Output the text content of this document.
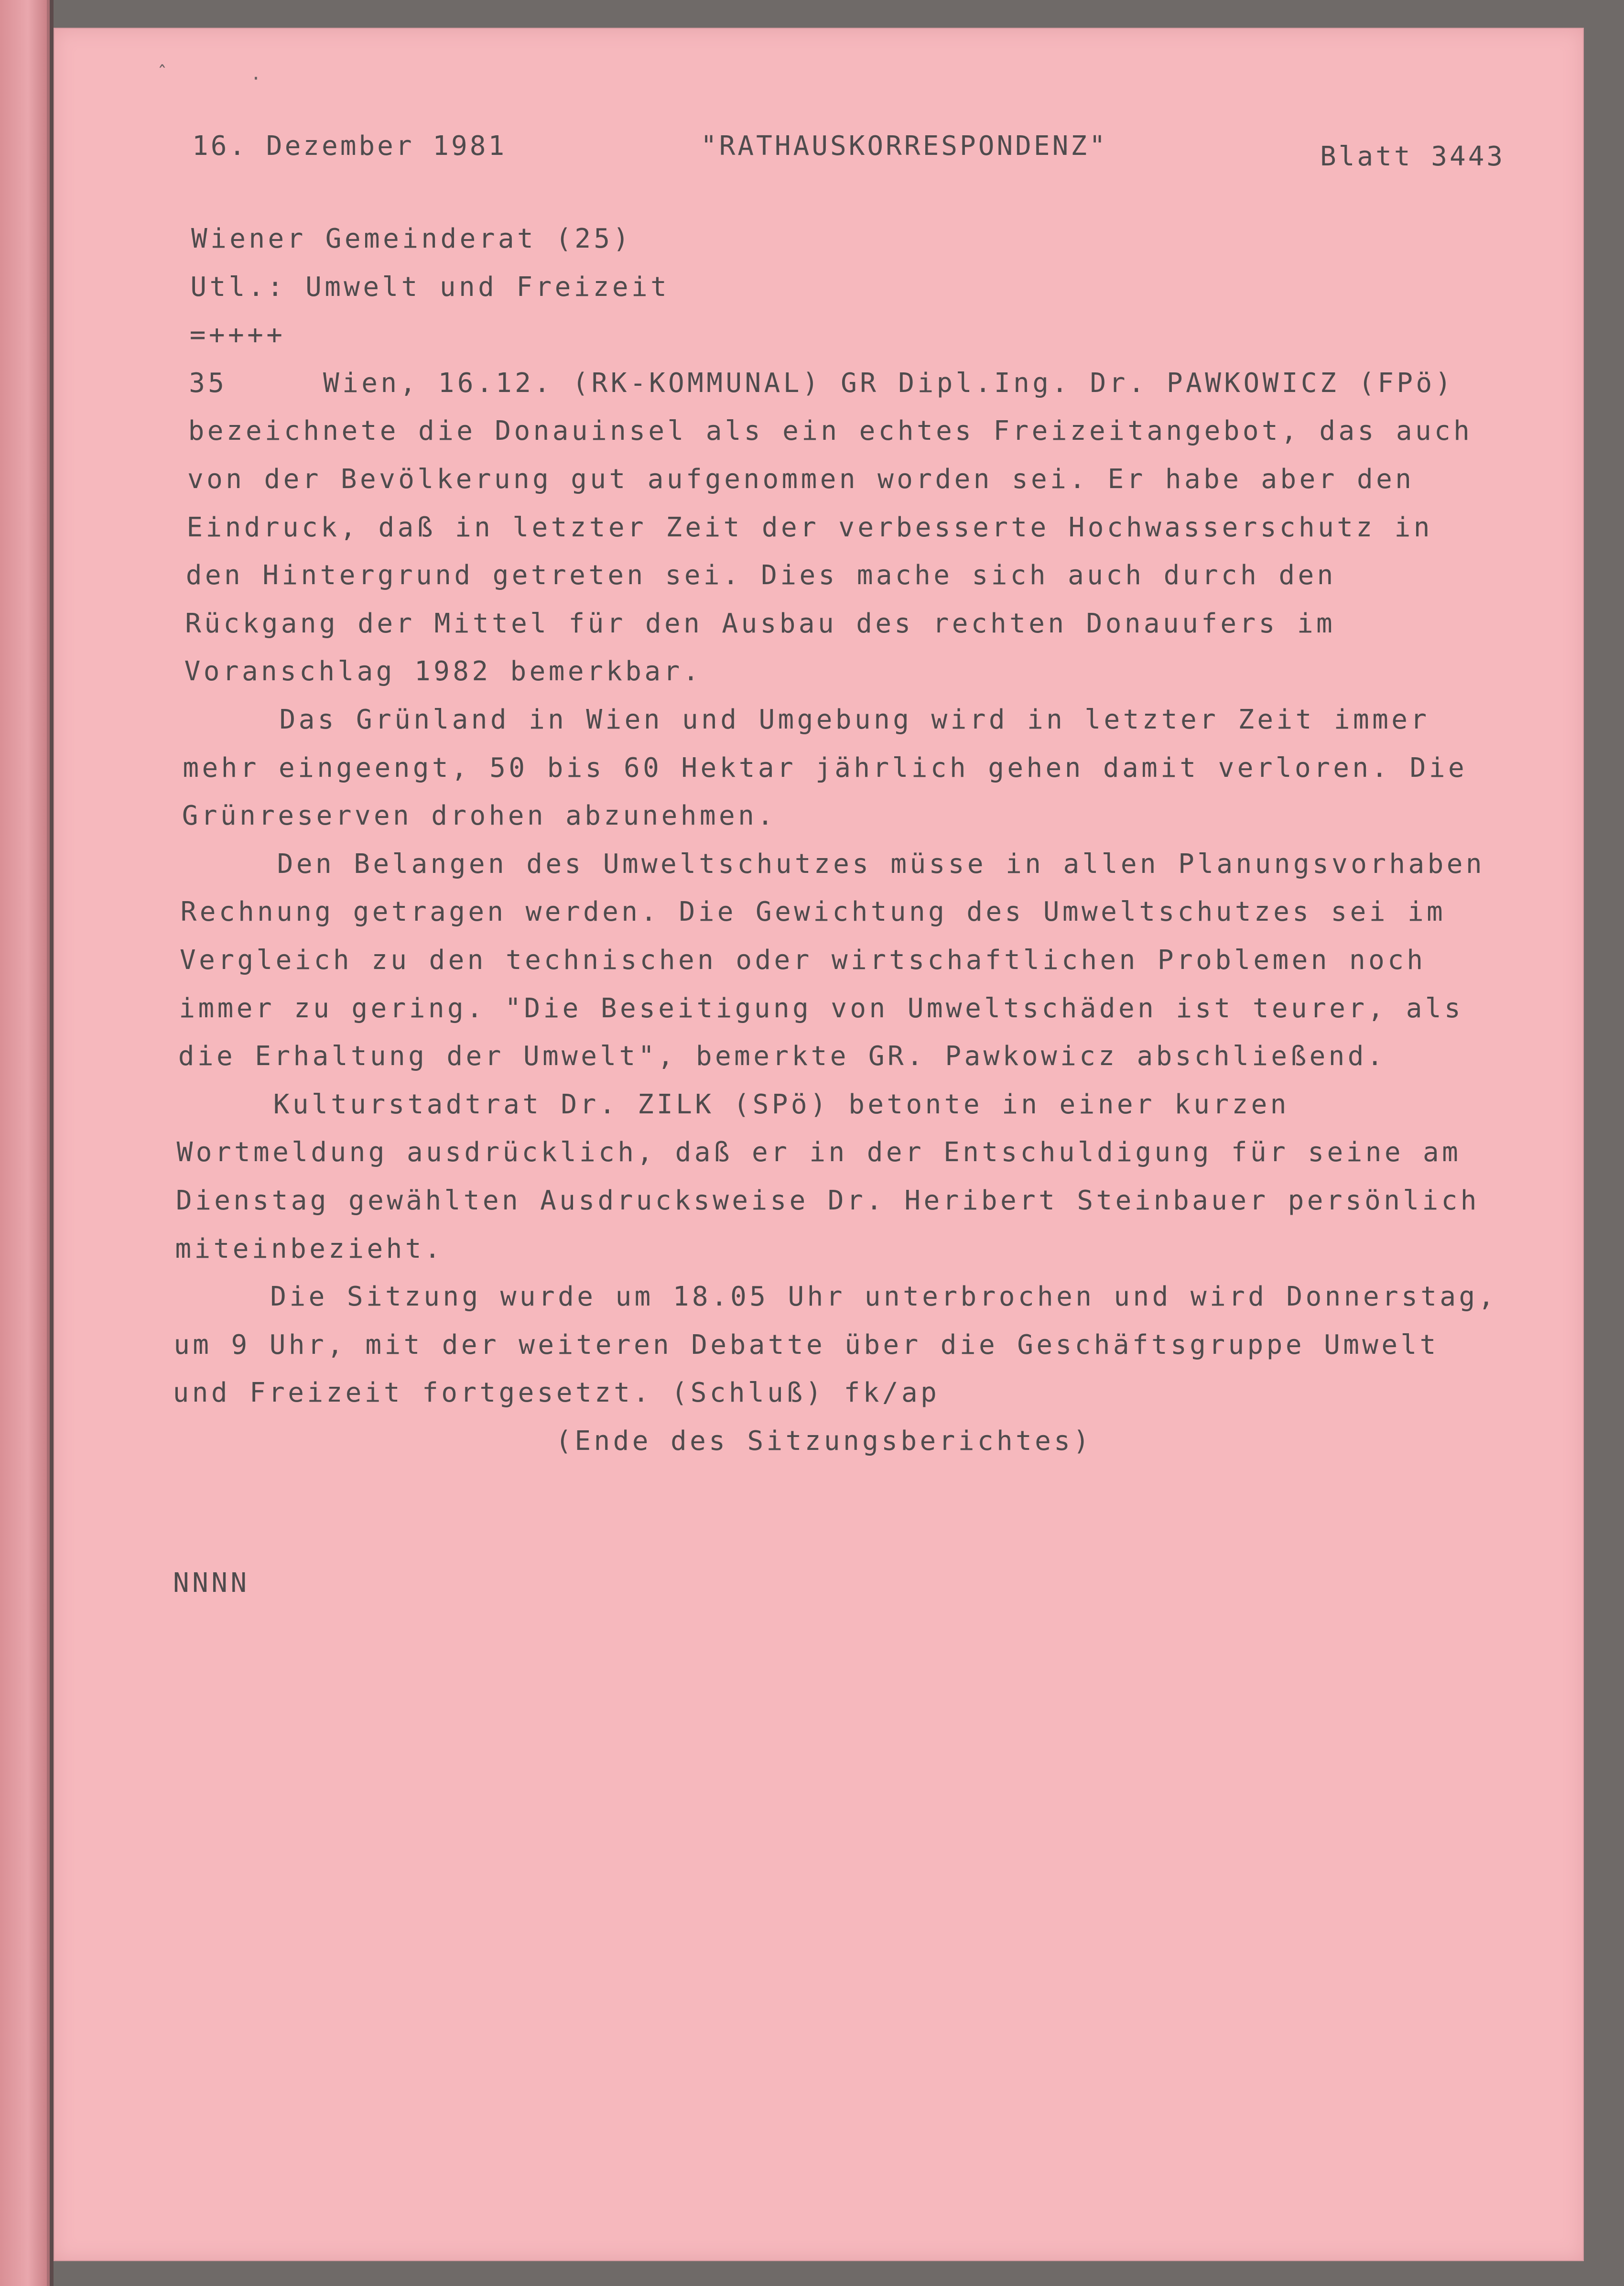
ˆ	·
16. Dezember 1981	"RATHAUSKORRESPONDENZ"	Blatt 3443
Wiener Gemeinderat (25)
Utl.: Umwelt und Freizeit
=++++
35     Wien, 16.12. (RK-KOMMUNAL) GR Dipl.Ing. Dr. PAWKOWICZ (FPö)
bezeichnete die Donauinsel als ein echtes Freizeitangebot, das auch
von der Bevölkerung gut aufgenommen worden sei. Er habe aber den
Eindruck, daß in letzter Zeit der verbesserte Hochwasserschutz in
den Hintergrund getreten sei. Dies mache sich auch durch den
Rückgang der Mittel für den Ausbau des rechten Donauufers im
Voranschlag 1982 bemerkbar.
Das Grünland in Wien und Umgebung wird in letzter Zeit immer
mehr eingeengt, 50 bis 60 Hektar jährlich gehen damit verloren. Die
Grünreserven drohen abzunehmen.
Den Belangen des Umweltschutzes müsse in allen Planungsvorhaben
Rechnung getragen werden. Die Gewichtung des Umweltschutzes sei im
Vergleich zu den technischen oder wirtschaftlichen Problemen noch
immer zu gering. "Die Beseitigung von Umweltschäden ist teurer, als
die Erhaltung der Umwelt", bemerkte GR. Pawkowicz abschließend.
Kulturstadtrat Dr. ZILK (SPö) betonte in einer kurzen
Wortmeldung ausdrücklich, daß er in der Entschuldigung für seine am
Dienstag gewählten Ausdrucksweise Dr. Heribert Steinbauer persönlich
miteinbezieht.
Die Sitzung wurde um 18.05 Uhr unterbrochen und wird Donnerstag,
um 9 Uhr, mit der weiteren Debatte über die Geschäftsgruppe Umwelt
und Freizeit fortgesetzt. (Schluß) fk/ap
(Ende des Sitzungsberichtes)
NNNN
